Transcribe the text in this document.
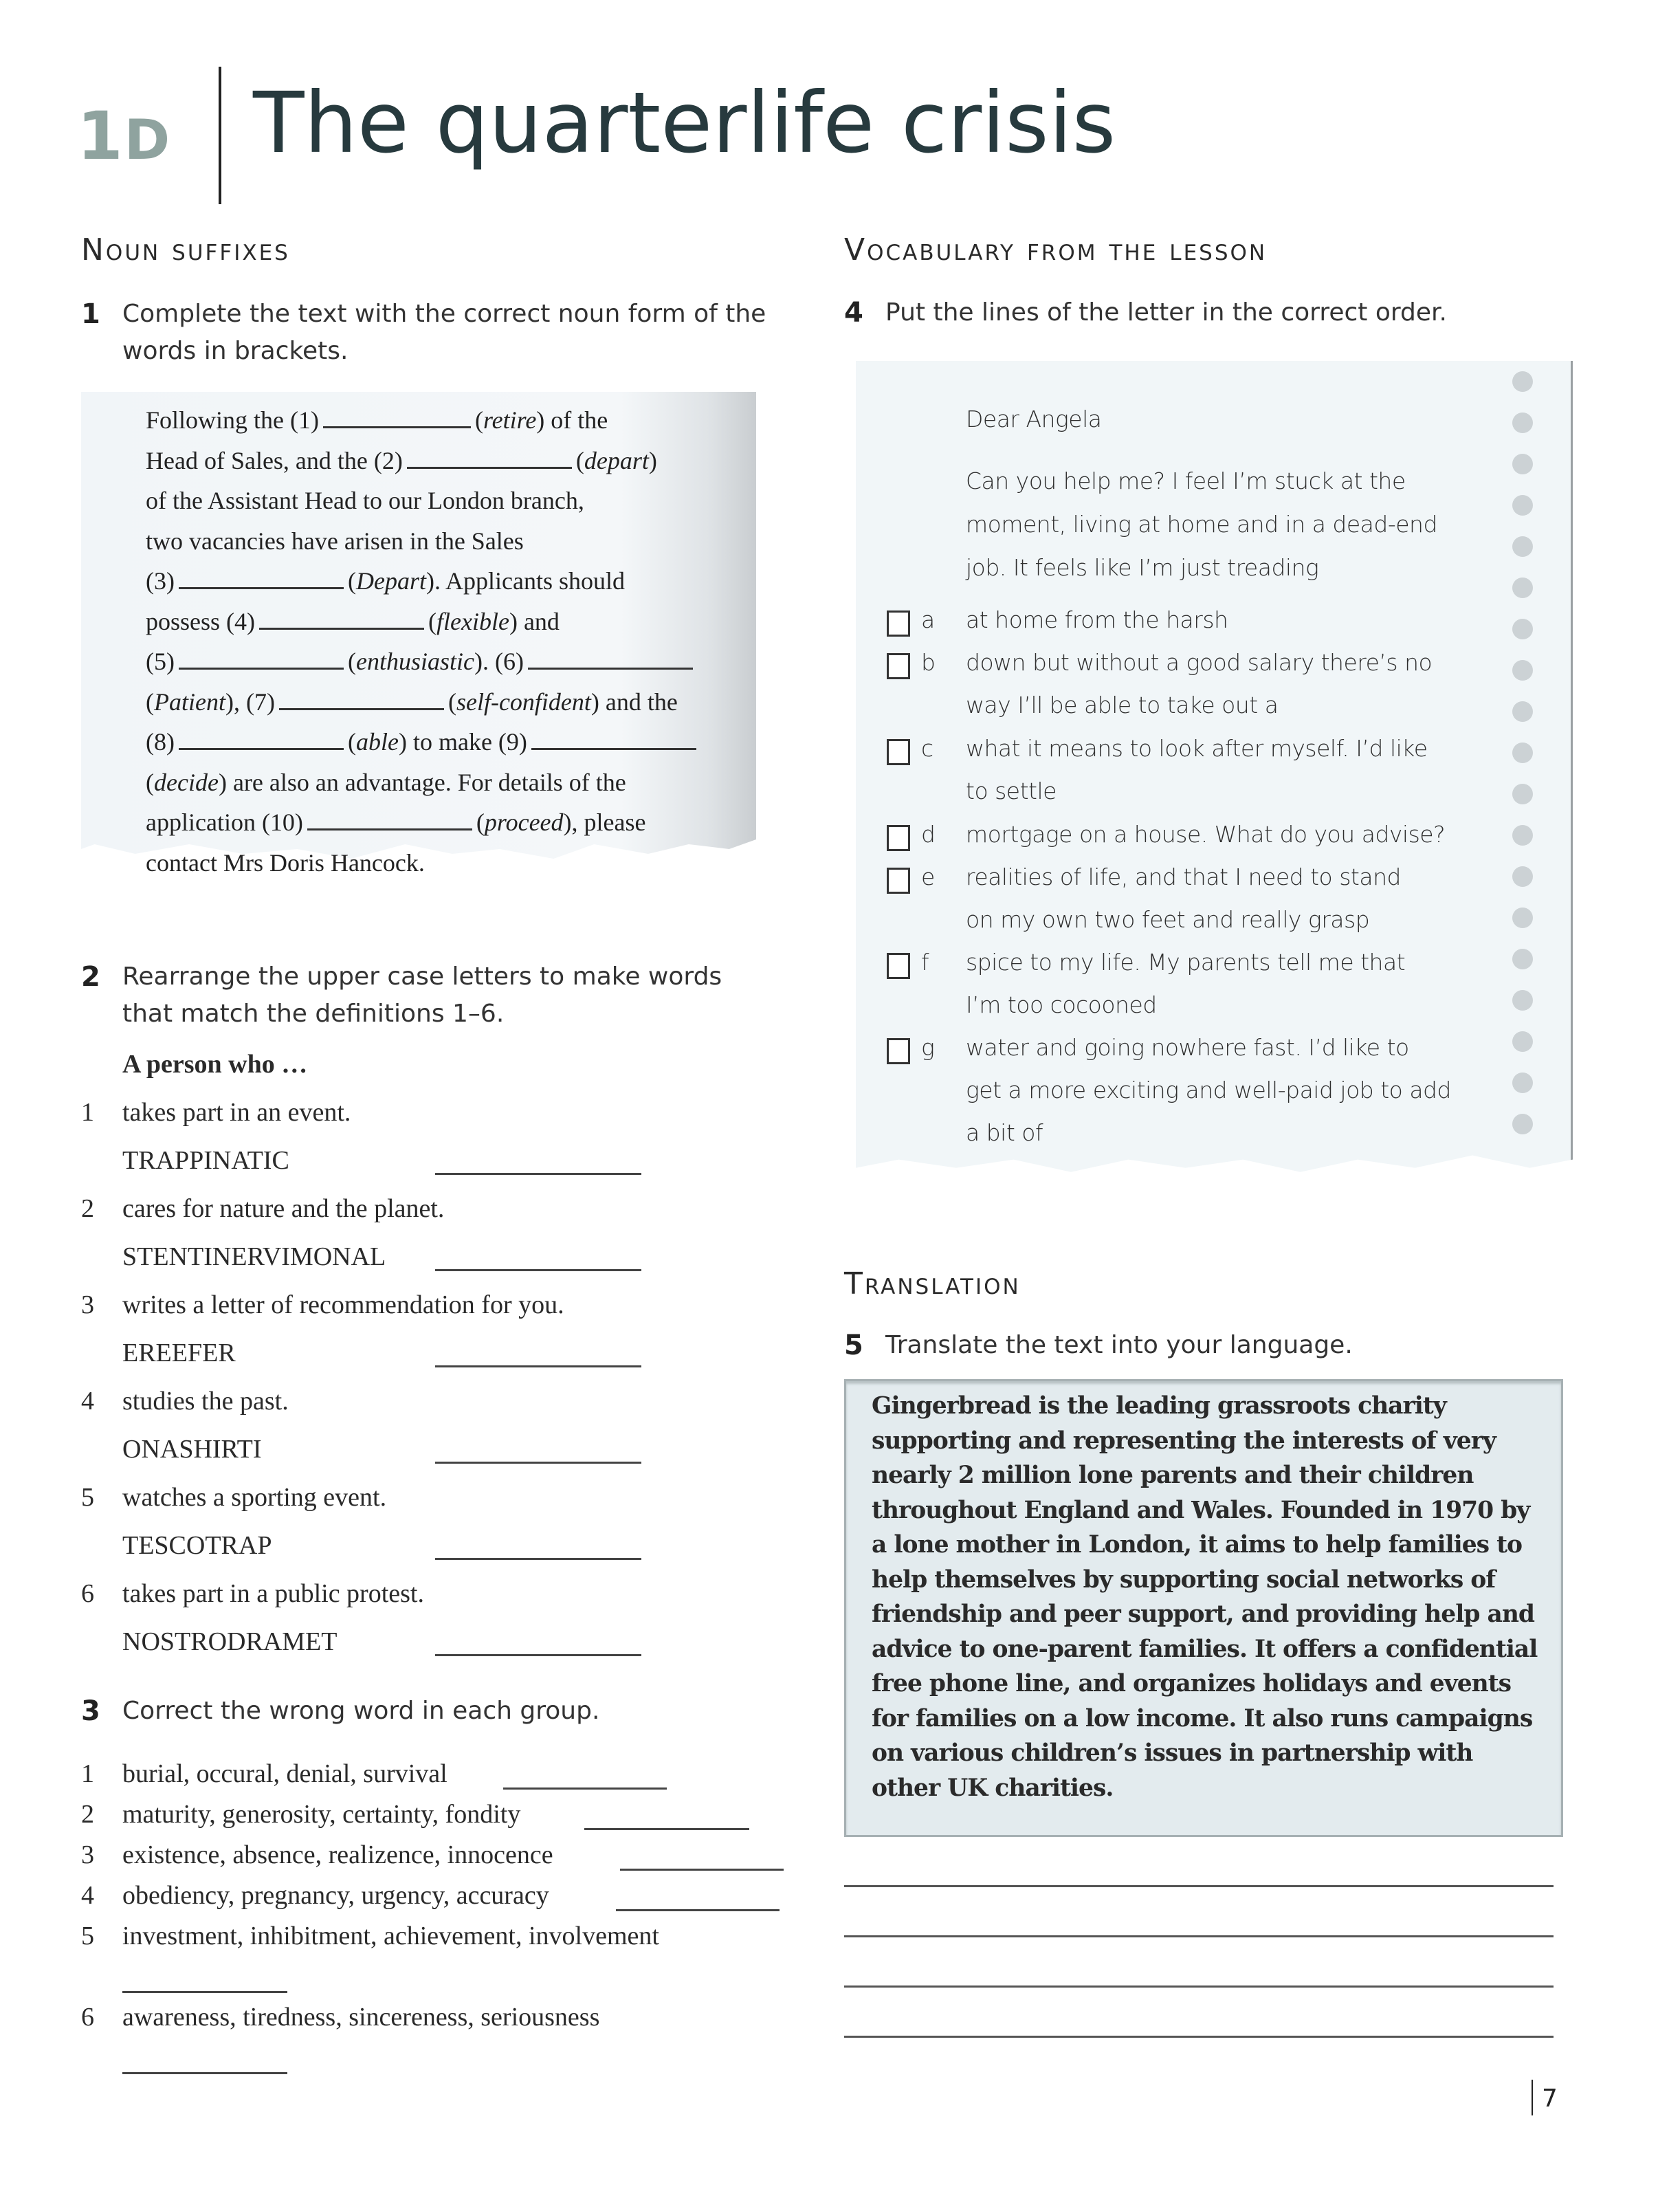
1D The quarterlife crisis
Noun suffixes
1 Complete the text with the correct noun form of the words in brackets.
Following the (1)	(retire) of the
Head of Sales, and the (2)	(depart)
of the Assistant Head to our London branch,
two vacancies have arisen in the Sales
(3)	(Depart). Applicants should
possess (4)	(flexible) and
(5)	(enthusiastic). (6)
(Patient), (7)	(self-confident) and the
(8)	(able) to make (9)
(decide) are also an advantage. For details of the
application (10)	(proceed), please
contact Mrs Doris Hancock.
2 Rearrange the upper case letters to make words that match the definitions 1–6.
A person who …
1 takes part in an event.
TRAPPINATIC
2 cares for nature and the planet.
STENTINERVIMONAL
3 writes a letter of recommendation for you.
EREEFER
4 studies the past.
ONASHIRTI
5 watches a sporting event.
TESCOTRAP
6 takes part in a public protest.
NOSTRODRAMET
3 Correct the wrong word in each group.
1 burial, occural, denial, survival
2 maturity, generosity, certainty, fondity
3 existence, absence, realizence, innocence
4 obediency, pregnancy, urgency, accuracy
5 investment, inhibitment, achievement, involvement
6 awareness, tiredness, sincereness, seriousness
Vocabulary from the lesson
4 Put the lines of the letter in the correct order.
Dear Angela
Can you help me? I feel I’m stuck at the
moment, living at home and in a dead-end
job. It feels like I’m just treading
a at home from the harsh
b down but without a good salary there’s no
way I’ll be able to take out a
c what it means to look after myself. I’d like
to settle
d mortgage on a house. What do you advise?
e realities of life, and that I need to stand
on my own two feet and really grasp
f spice to my life. My parents tell me that
I’m too cocooned
g water and going nowhere fast. I’d like to
get a more exciting and well-paid job to add
a bit of
Translation
5 Translate the text into your language.
Gingerbread is the leading grassroots charity supporting and representing the interests of very nearly 2 million lone parents and their children throughout England and Wales. Founded in 1970 by a lone mother in London, it aims to help families to help themselves by supporting social networks of friendship and peer support, and providing help and advice to one-parent families. It offers a confidential free phone line, and organizes holidays and events for families on a low income. It also runs campaigns on various children’s issues in partnership with other UK charities.
7
